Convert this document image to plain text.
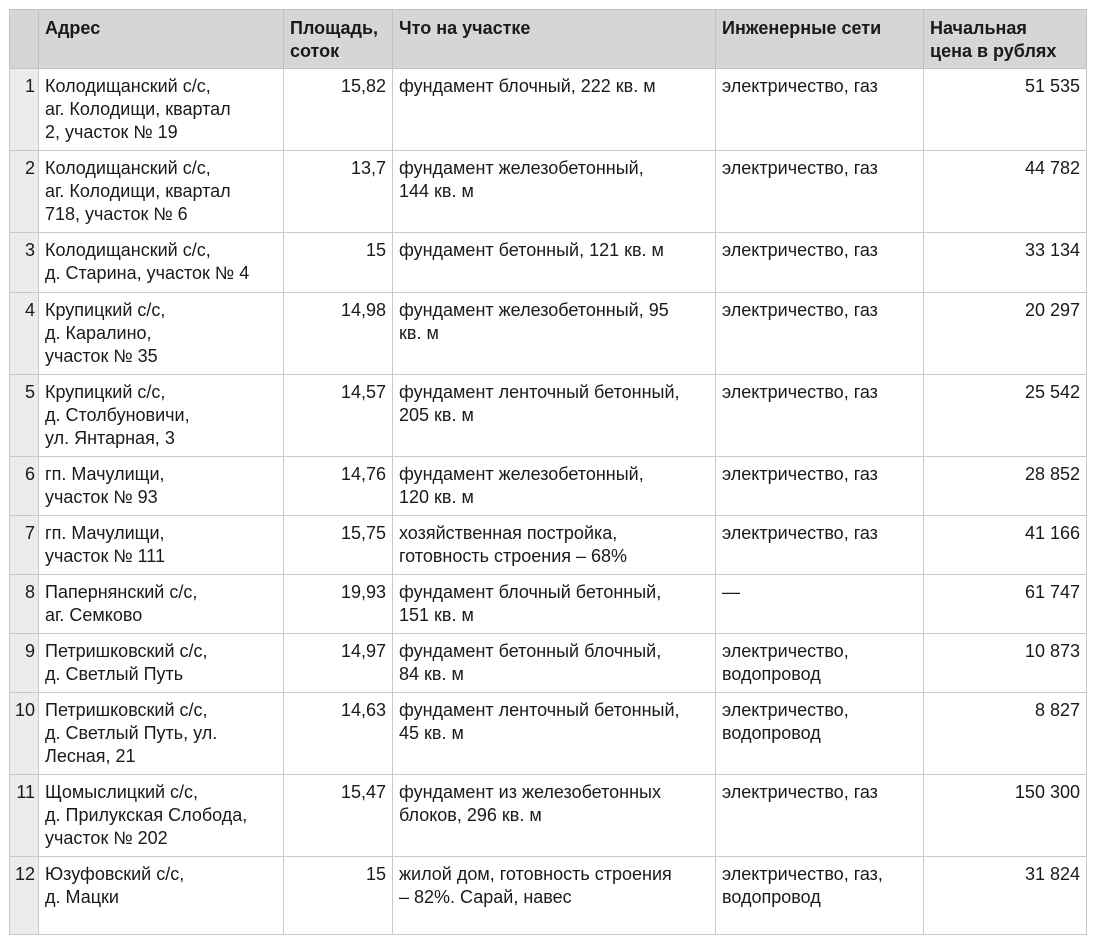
	Адрес	Площадь,
соток	Что на участке	Инженерные сети	Начальная
цена в рублях
1	Колодищанский с/с,
аг. Колодищи, квартал
2, участок № 19	15,82	фундамент блочный, 222 кв. м	электричество, газ	51 535
2	Колодищанский с/с,
аг. Колодищи, квартал
718, участок № 6	13,7	фундамент железобетонный,
144 кв. м	электричество, газ	44 782
3	Колодищанский с/с,
д. Старина, участок № 4	15	фундамент бетонный, 121 кв. м	электричество, газ	33 134
4	Крупицкий с/с,
д. Каралино,
участок № 35	14,98	фундамент железобетонный, 95
кв. м	электричество, газ	20 297
5	Крупицкий с/с,
д. Столбуновичи,
ул. Янтарная, 3	14,57	фундамент ленточный бетонный,
205 кв. м	электричество, газ	25 542
6	гп. Мачулищи,
участок № 93	14,76	фундамент железобетонный,
120 кв. м	электричество, газ	28 852
7	гп. Мачулищи,
участок № 111	15,75	хозяйственная постройка,
готовность строения – 68%	электричество, газ	41 166
8	Папернянский с/с,
аг. Семково	19,93	фундамент блочный бетонный,
151 кв. м	—	61 747
9	Петришковский с/с,
д. Светлый Путь	14,97	фундамент бетонный блочный,
84 кв. м	электричество,
водопровод	10 873
10	Петришковский с/с,
д. Светлый Путь, ул.
Лесная, 21	14,63	фундамент ленточный бетонный,
45 кв. м	электричество,
водопровод	8 827
11	Щомыслицкий с/с,
д. Прилукская Слобода,
участок № 202	15,47	фундамент из железобетонных
блоков, 296 кв. м	электричество, газ	150 300
12	Юзуфовский с/с,
д. Мацки	15	жилой дом, готовность строения
– 82%. Сарай, навес	электричество, газ,
водопровод	31 824
